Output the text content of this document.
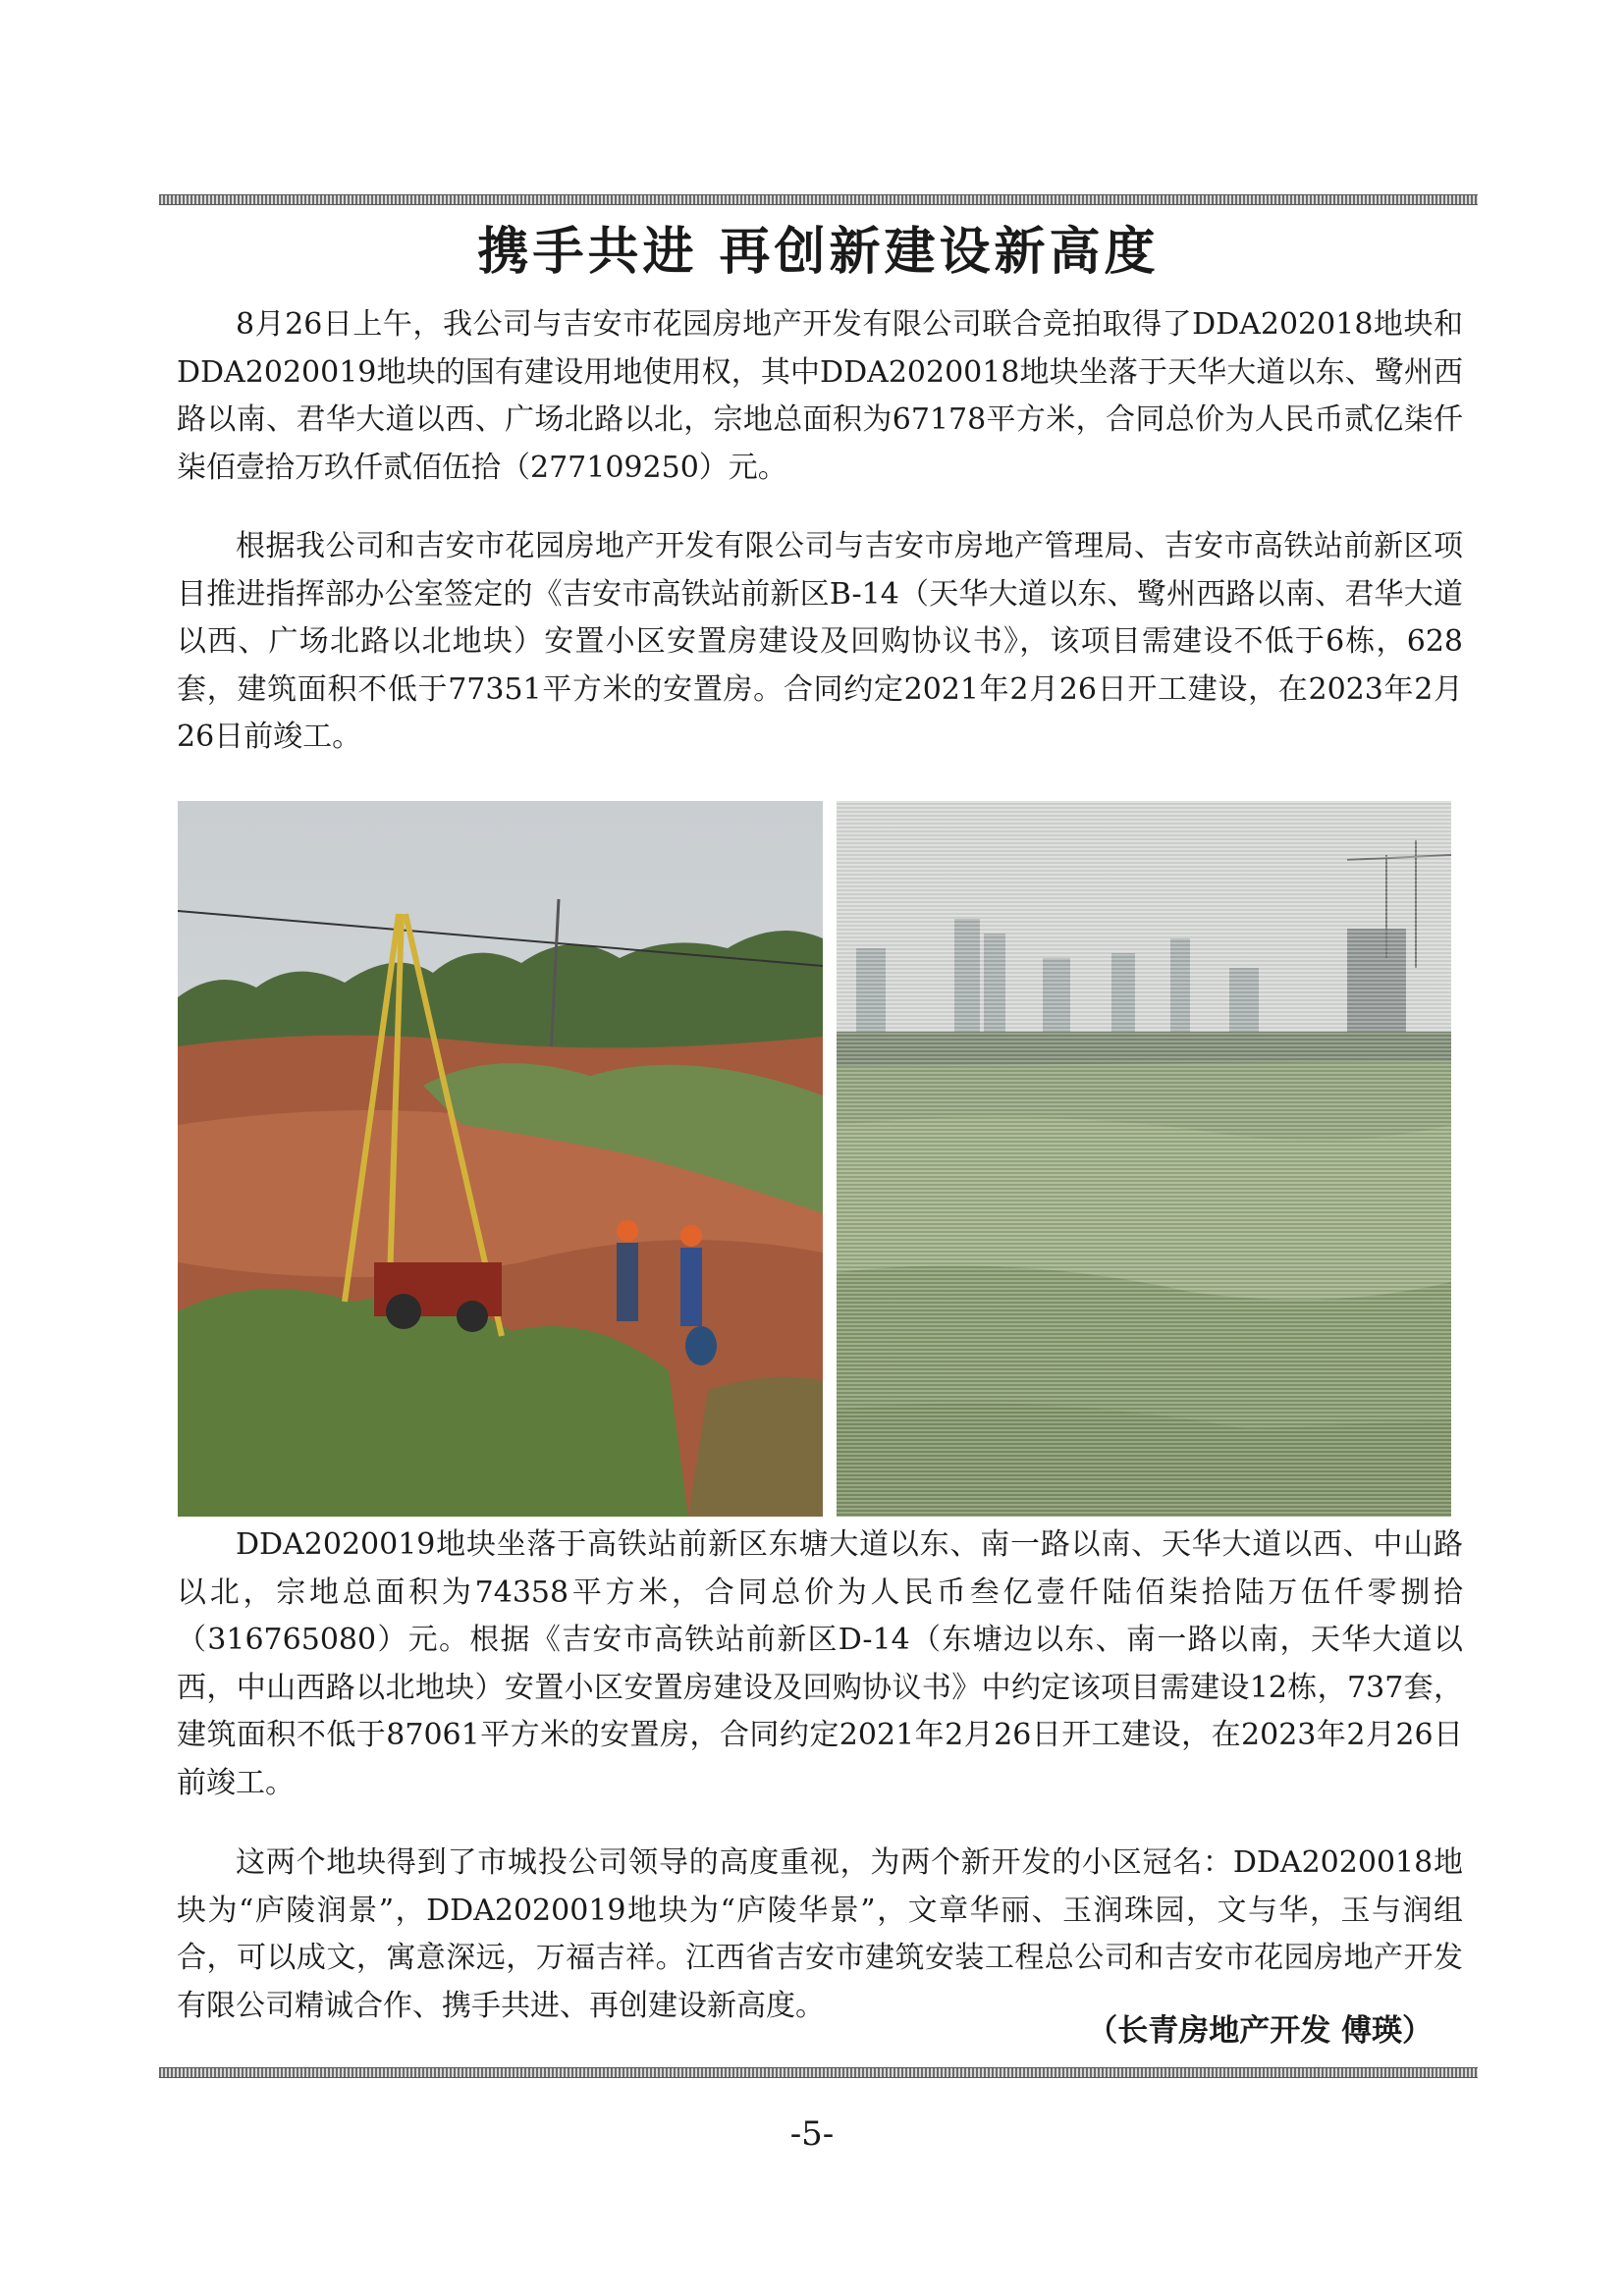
携手共进 再创新建设新高度

8月26日上午，我公司与吉安市花园房地产开发有限公司联合竞拍取得了DDA202018地块和DDA2020019地块的国有建设用地使用权，其中DDA2020018地块坐落于天华大道以东、鹭州西路以南、君华大道以西、广场北路以北，宗地总面积为67178平方米，合同总价为人民币贰亿柒仟柒佰壹拾万玖仟贰佰伍拾（277109250）元。

根据我公司和吉安市花园房地产开发有限公司与吉安市房地产管理局、吉安市高铁站前新区项目推进指挥部办公室签定的《吉安市高铁站前新区B-14（天华大道以东、鹭州西路以南、君华大道以西、广场北路以北地块）安置小区安置房建设及回购协议书》，该项目需建设不低于6栋，628套，建筑面积不低于77351平方米的安置房。合同约定2021年2月26日开工建设，在2023年2月26日前竣工。

DDA2020019地块坐落于高铁站前新区东塘大道以东、南一路以南、天华大道以西、中山路以北，宗地总面积为74358平方米，合同总价为人民币叁亿壹仟陆佰柒拾陆万伍仟零捌拾（316765080）元。根据《吉安市高铁站前新区D-14（东塘边以东、南一路以南，天华大道以西，中山西路以北地块）安置小区安置房建设及回购协议书》中约定该项目需建设12栋，737套，建筑面积不低于87061平方米的安置房，合同约定2021年2月26日开工建设，在2023年2月26日前竣工。

这两个地块得到了市城投公司领导的高度重视，为两个新开发的小区冠名：DDA2020018地块为“庐陵润景”，DDA2020019地块为“庐陵华景”，文章华丽、玉润珠园，文与华，玉与润组合，可以成文，寓意深远，万福吉祥。江西省吉安市建筑安装工程总公司和吉安市花园房地产开发有限公司精诚合作、携手共进、再创建设新高度。

（长青房地产开发 傅瑛）
-5-
